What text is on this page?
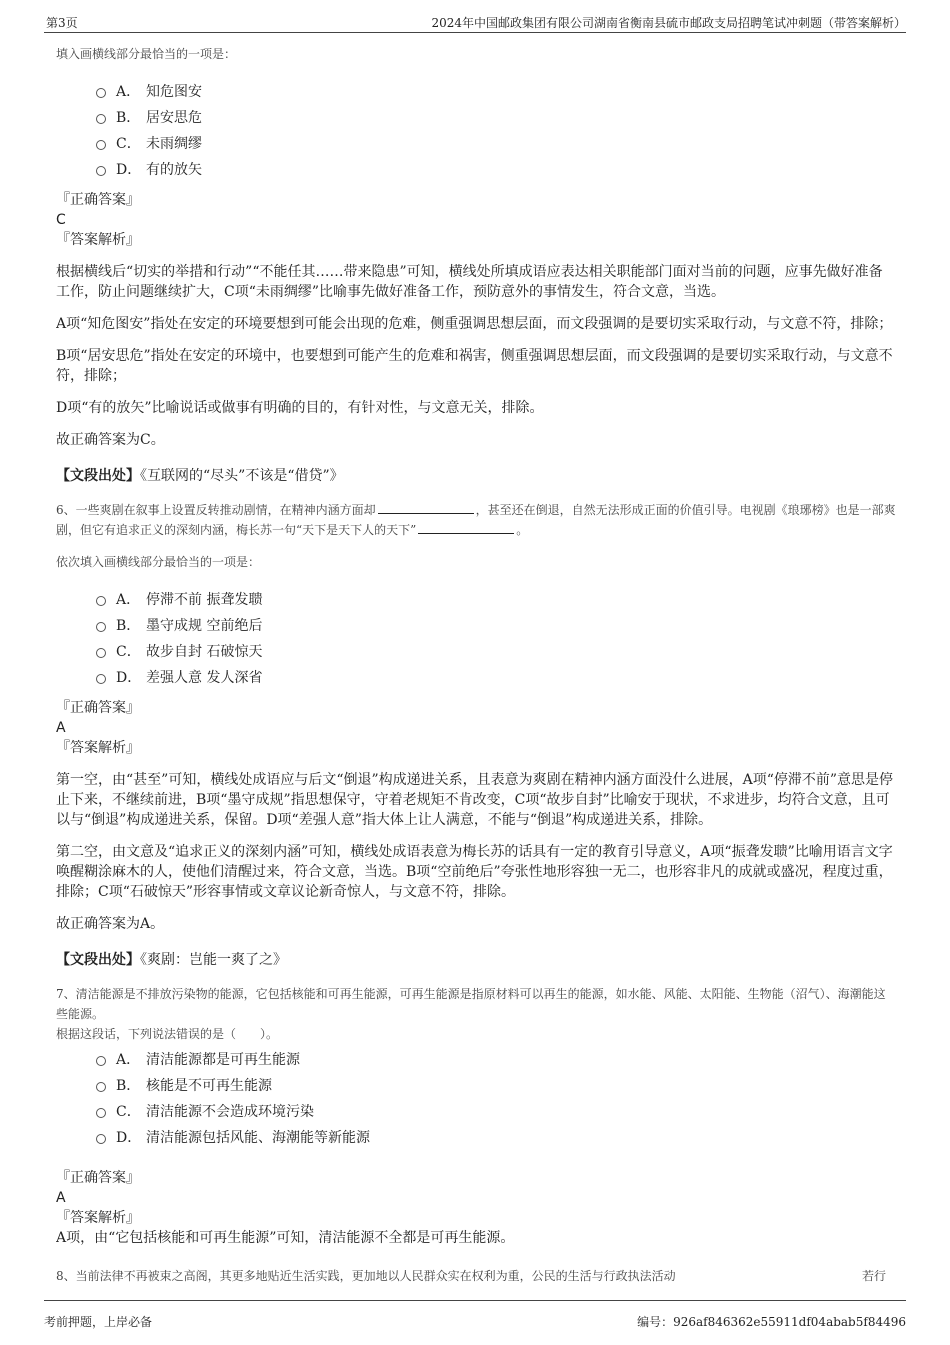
第3页	2024年中国邮政集团有限公司湖南省衡南县硫市邮政支局招聘笔试冲刺题（带答案解析）
填入画横线部分最恰当的一项是：
A． 知危图安
B． 居安思危
C． 未雨绸缪
D． 有的放矢
『正确答案』
C
『答案解析』
根据横线后“切实的举措和行动”“不能任其……带来隐患”可知，横线处所填成语应表达相关职能部门面对当前的问题，应事先做好准备工作，防止问题继续扩大，C项“未雨绸缪”比喻事先做好准备工作，预防意外的事情发生，符合文意，当选。
A项“知危图安”指处在安定的环境要想到可能会出现的危难，侧重强调思想层面，而文段强调的是要切实采取行动，与文意不符，排除；
B项“居安思危”指处在安定的环境中，也要想到可能产生的危难和祸害，侧重强调思想层面，而文段强调的是要切实采取行动，与文意不符，排除；
D项“有的放矢”比喻说话或做事有明确的目的，有针对性，与文意无关，排除。
故正确答案为C。
【文段出处】《互联网的“尽头”不该是“借贷”》
6、一些爽剧在叙事上设置反转推动剧情，在精神内涵方面却	，甚至还在倒退，自然无法形成正面的价值引导。电视剧《琅琊榜》也是一部爽剧，但它有追求正义的深刻内涵，梅长苏一句“天下是天下人的天下”	。
依次填入画横线部分最恰当的一项是：
A． 停滞不前 振聋发聩
B． 墨守成规 空前绝后
C． 故步自封 石破惊天
D． 差强人意 发人深省
『正确答案』
A
『答案解析』
第一空，由“甚至”可知，横线处成语应与后文“倒退”构成递进关系，且表意为爽剧在精神内涵方面没什么进展，A项“停滞不前”意思是停止下来，不继续前进，B项“墨守成规”指思想保守，守着老规矩不肯改变，C项“故步自封”比喻安于现状，不求进步，均符合文意，且可以与“倒退”构成递进关系，保留。D项“差强人意”指大体上让人满意，不能与“倒退”构成递进关系，排除。
第二空，由文意及“追求正义的深刻内涵”可知，横线处成语表意为梅长苏的话具有一定的教育引导意义，A项“振聋发聩”比喻用语言文字唤醒糊涂麻木的人，使他们清醒过来，符合文意，当选。B项“空前绝后”夸张性地形容独一无二，也形容非凡的成就或盛况，程度过重，排除；C项“石破惊天”形容事情或文章议论新奇惊人，与文意不符，排除。
故正确答案为A。
【文段出处】《爽剧：岂能一爽了之》
7、清洁能源是不排放污染物的能源，它包括核能和可再生能源，可再生能源是指原材料可以再生的能源，如水能、风能、太阳能、生物能（沼气）、海潮能这些能源。
根据这段话，下列说法错误的是（　　）。
A． 清洁能源都是可再生能源
B． 核能是不可再生能源
C． 清洁能源不会造成环境污染
D． 清洁能源包括风能、海潮能等新能源
『正确答案』
A
『答案解析』
A项，由“它包括核能和可再生能源”可知，清洁能源不全都是可再生能源。
8、当前法律不再被束之高阁，其更多地贴近生活实践，更加地以人民群众实在权利为重，公民的生活与行政执法活动	若行
考前押题，上岸必备	编号：926af846362e55911df04abab5f84496
